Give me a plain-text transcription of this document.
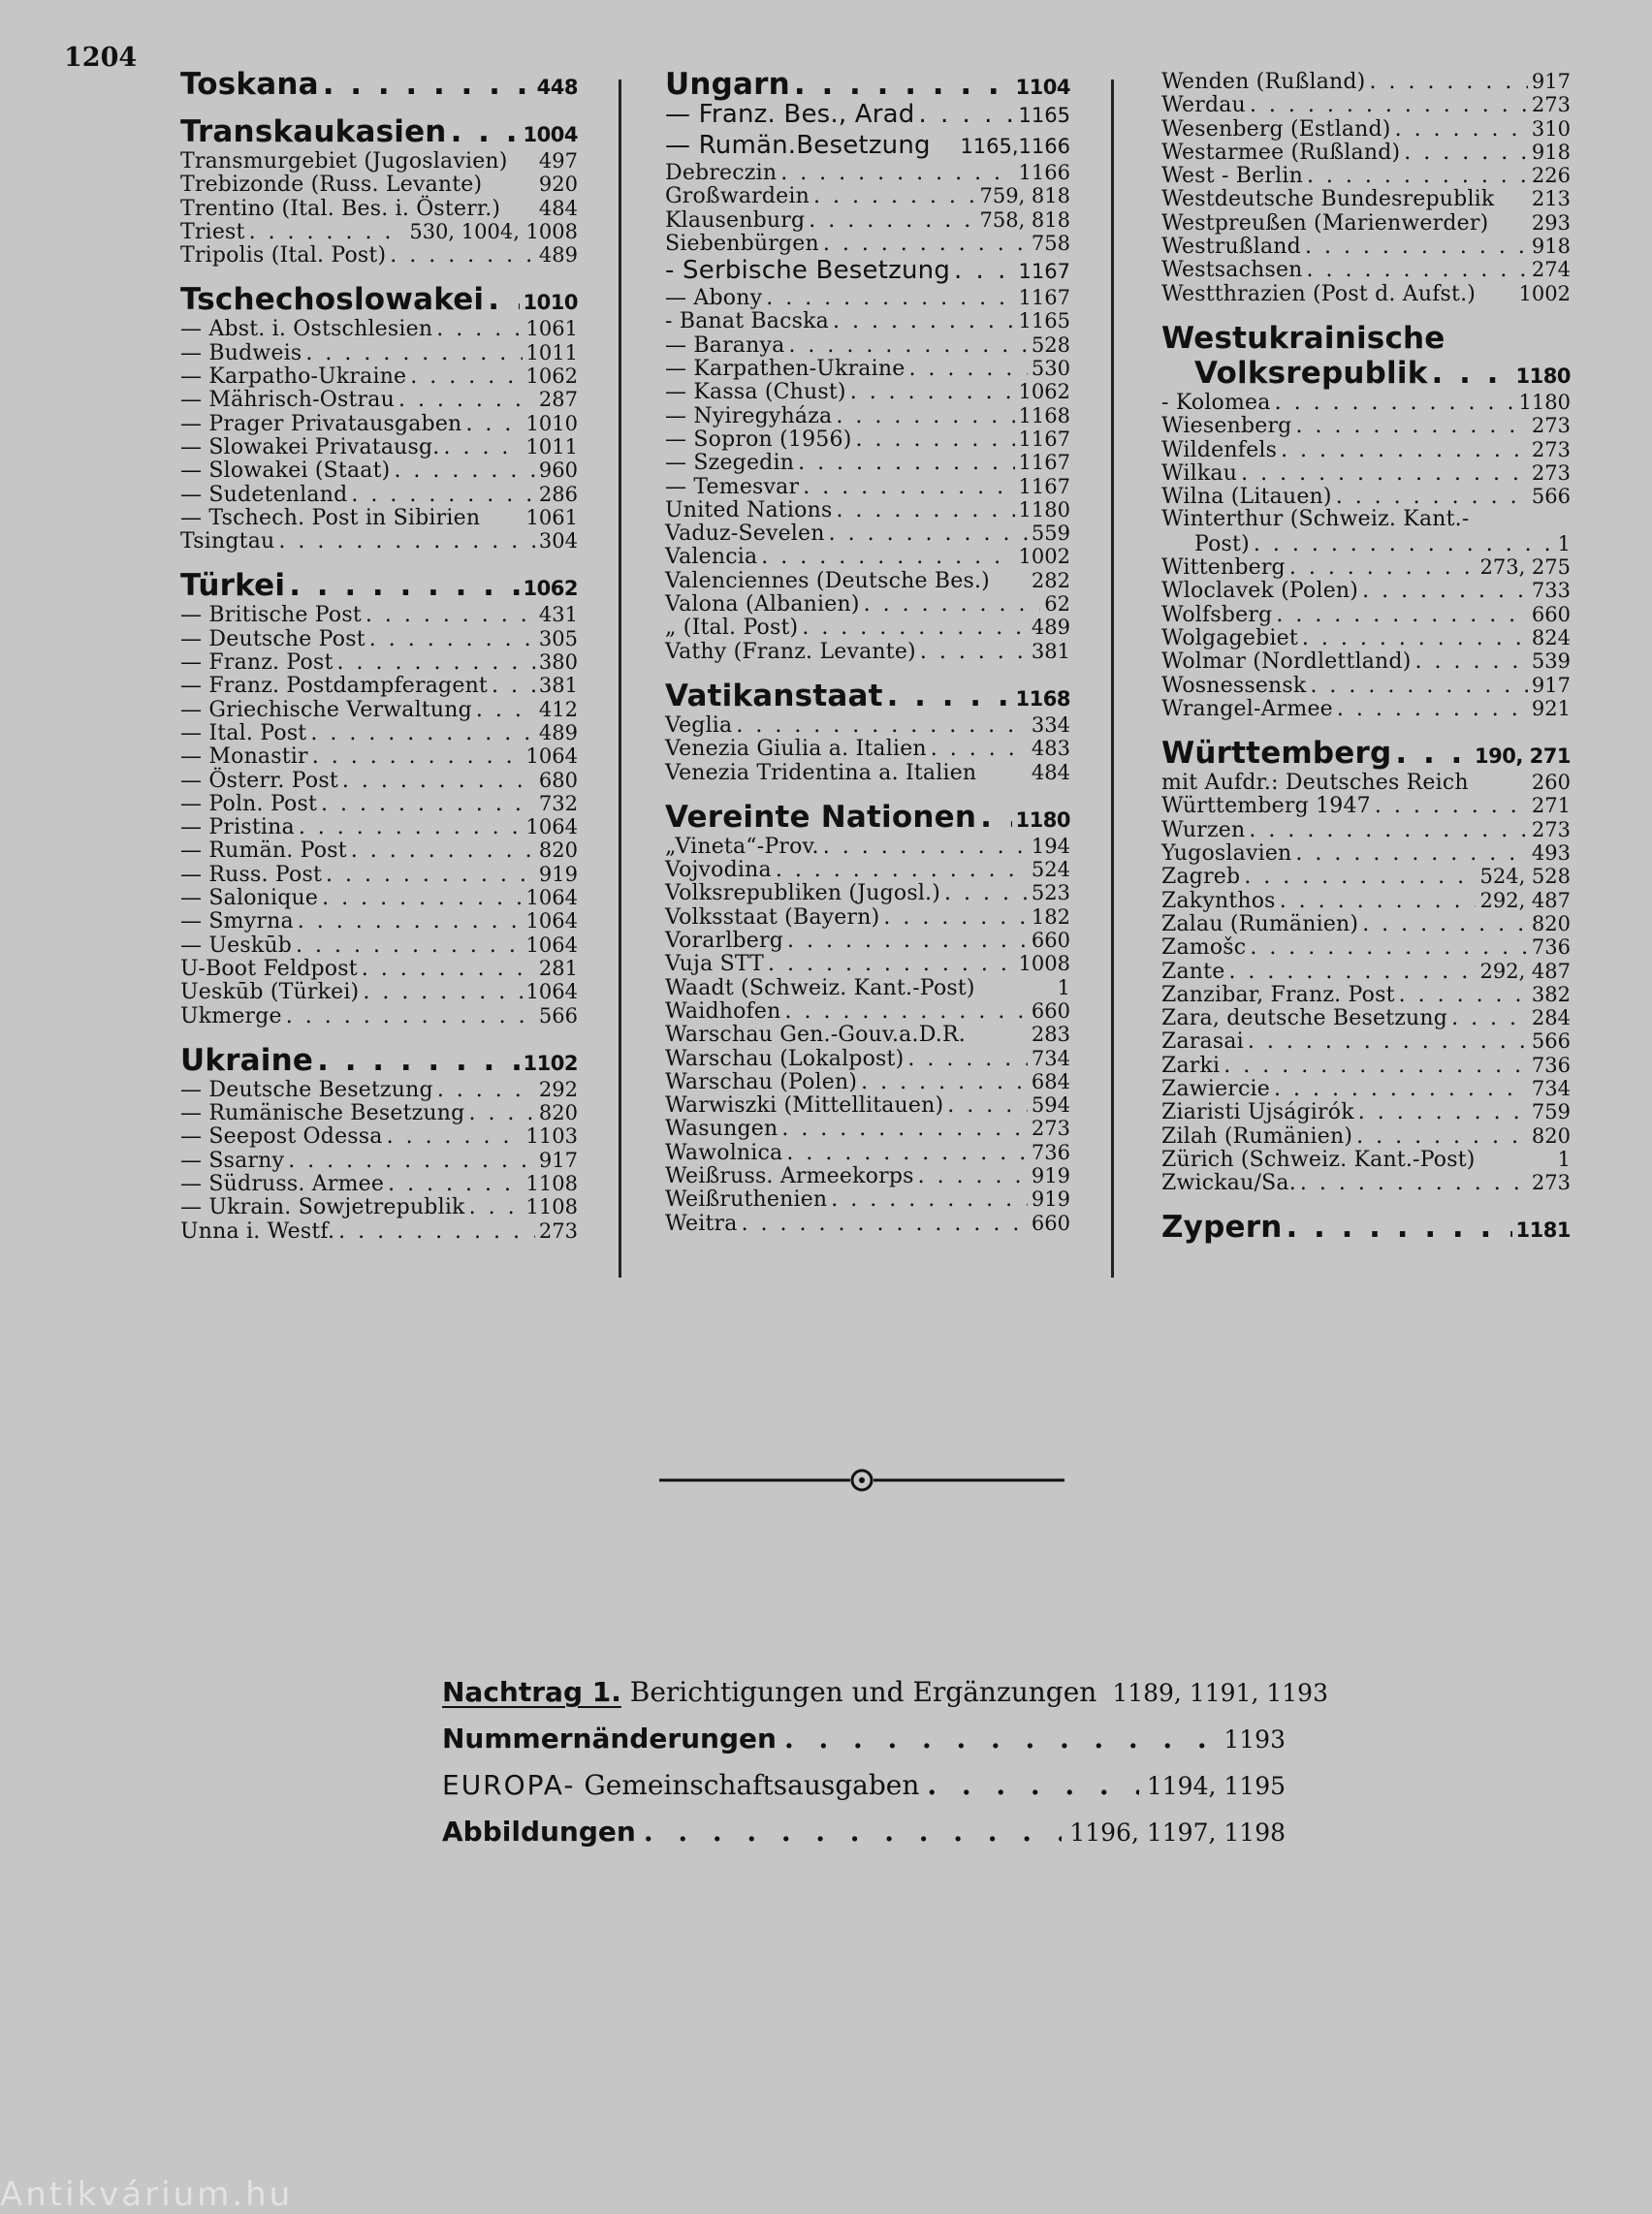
1204
Toskana . . .	448
Transkaukasien . . .	1004
Transmurgebiet (Jugoslavien) 497
Trebizonde (Russ. Levante)	920
Trentino (Ital. Bes. i. Österr.) 484
Triest . . .	530, 1004, 1008
Tripolis (Ital. Post) . . .	489
Tschechoslowakei . . . 1010
— Abst. i. Ostschlesien . . .	1061
— Budweis . . .	1011
— Karpatho-Ukraine . . .	1062
— Mährisch-Ostrau . . .	287
— Prager Privatausgaben . . .	1010
— Slowakei Privatausg. . . .	1011
— Slowakei (Staat) . . .	960
— Sudetenland . . .	286
— Tschech. Post in Sibirien 1061
Tsingtau . . .	304
Türkei . . .	1062
— Britische Post . . .	431
— Deutsche Post . . .	305
— Franz. Post . . .	380
— Franz. Postdampferagent . . .	381
— Griechische Verwaltung . . .	412
— Ital. Post . . .	489
— Monastir . . .	1064
— Österr. Post . . .	680
— Poln. Post . . .	732
— Pristina . . .	1064
— Rumän. Post . . .	820
— Russ. Post . . .	919
— Salonique . . .	1064
— Smyrna . . .	1064
— Ueskūb . . .	1064
U-Boot Feldpost . . .	281
Ueskūb (Türkei) . . .	1064
Ukmerge . . .	566
Ukraine . . .	1102
— Deutsche Besetzung . . .	292
— Rumänische Besetzung . . .	820
— Seepost Odessa . . .	1103
— Ssarny . . .	917
— Südruss. Armee . . .	1108
— Ukrain. Sowjetrepublik . . .	1108
Unna i. Westf. . . .	273
Ungarn . . .	1104
— Franz. Bes., Arad . . .	1165
— Rumän.Besetzung 1165,1166
Debreczin . . .	1166
Großwardein . . .	759, 818
Klausenburg . . .	758, 818
Siebenbürgen . . .	758
- Serbische Besetzung . . .	1167
— Abony . . .	1167
- Banat Bacska . . .	1165
— Baranya . . .	528
— Karpathen-Ukraine . . .	530
— Kassa (Chust) . . .	1062
— Nyiregyháza . . .	1168
— Sopron (1956) . . .	1167
— Szegedin . . .	1167
— Temesvar . . .	1167
United Nations . . .	1180
Vaduz-Sevelen . . .	559
Valencia . . .	1002
Valenciennes (Deutsche Bes.) 282
Valona (Albanien) . . .	62
„ (Ital. Post) . . .	489
Vathy (Franz. Levante) . . .	381
Vatikanstaat . . .	1168
Veglia . . .	334
Venezia Giulia a. Italien . . .	483
Venezia Tridentina a. Italien	484
Vereinte Nationen . . . 1180
„Vineta“-Prov. . . .	194
Vojvodina . . .	524
Volksrepubliken (Jugosl.) . . .	523
Volksstaat (Bayern) . . .	182
Vorarlberg . . .	660
Vuja STT . . .	1008
Waadt (Schweiz. Kant.-Post)	1
Waidhofen . . .	660
Warschau Gen.-Gouv.a.D.R.	283
Warschau (Lokalpost) . . .	734
Warschau (Polen) . . .	684
Warwiszki (Mittellitauen) . . .	594
Wasungen . . .	273
Wawolnica . . .	736
Weißruss. Armeekorps . . .	919
Weißruthenien . . .	919
Weitra . . .	660
Wenden (Rußland) . . .	917
Werdau . . .	273
Wesenberg (Estland) . . .	310
Westarmee (Rußland) . . .	918
West - Berlin . . .	226
Westdeutsche Bundesrepublik 213
Westpreußen (Marienwerder) 293
Westrußland . . .	918
Westsachsen . . .	274
Westthrazien (Post d. Aufst.) 1002
Westukrainische
Volksrepublik . . .	1180
- Kolomea . . .	1180
Wiesenberg . . .	273
Wildenfels . . .	273
Wilkau . . .	273
Wilna (Litauen) . . .	566
Winterthur (Schweiz. Kant.-
Post) . . .	1
Wittenberg . . .	273, 275
Wloclavek (Polen) . . .	733
Wolfsberg . . .	660
Wolgagebiet . . .	824
Wolmar (Nordlettland) . . .	539
Wosnessensk . . .	917
Wrangel-Armee . . .	921
Württemberg . . .	190, 271
mit Aufdr.: Deutsches Reich	260
Württemberg 1947 . . .	271
Wurzen . . .	273
Yugoslavien . . .	493
Zagreb . . .	524, 528
Zakynthos . . .	292, 487
Zalau (Rumänien) . . .	820
Zamošc . . .	736
Zante . . .	292, 487
Zanzibar, Franz. Post . . .	382
Zara, deutsche Besetzung . . .	284
Zarasai . . .	566
Zarki . . .	736
Zawiercie . . .	734
Ziaristi Ujságirók . . .	759
Zilah (Rumänien) . . .	820
Zürich (Schweiz. Kant.-Post)	1
Zwickau/Sa. . . .	273
Zypern . . .	1181
Nachtrag 1. Berichtigungen und Ergänzungen 1189, 1191, 1193
Nummernänderungen . . .	1193
EUROPA- Gemeinschaftsausgaben . . .	1194, 1195
Abbildungen . . .	1196, 1197, 1198
Antikvárium.hu
